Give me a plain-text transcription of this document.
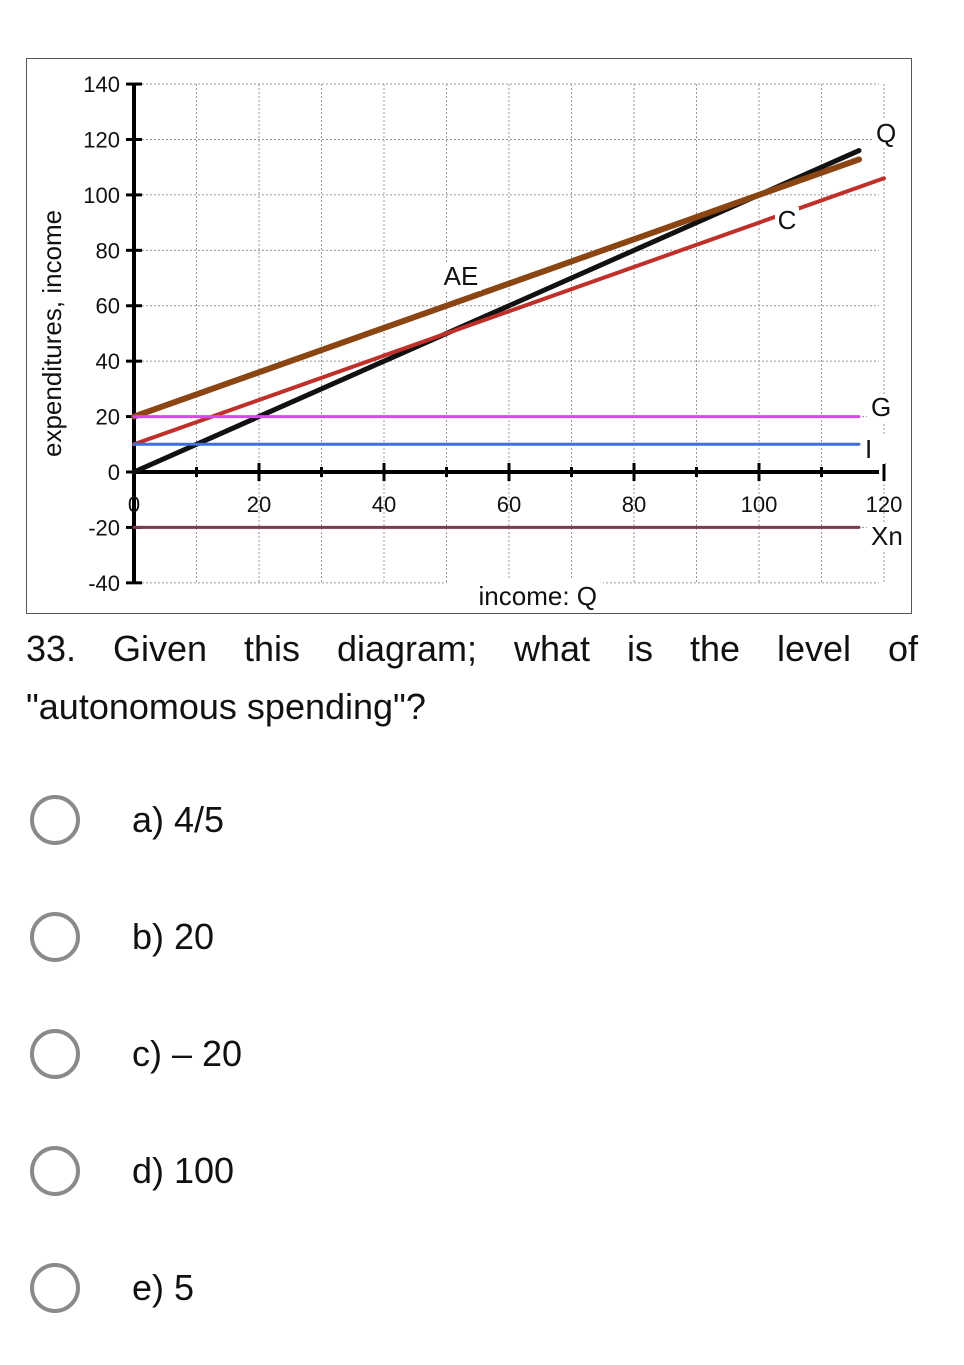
140
120
100
80
60
40
20
0
-20
-40
0	20	40	60	80	100	120
Q
AE
C
G
I
Xn
income: Q
expenditures, income
33. Given this diagram; what is the level of "autonomous spending"?
a) 4/5
b) 20
c) – 20
d) 100
e) 5
